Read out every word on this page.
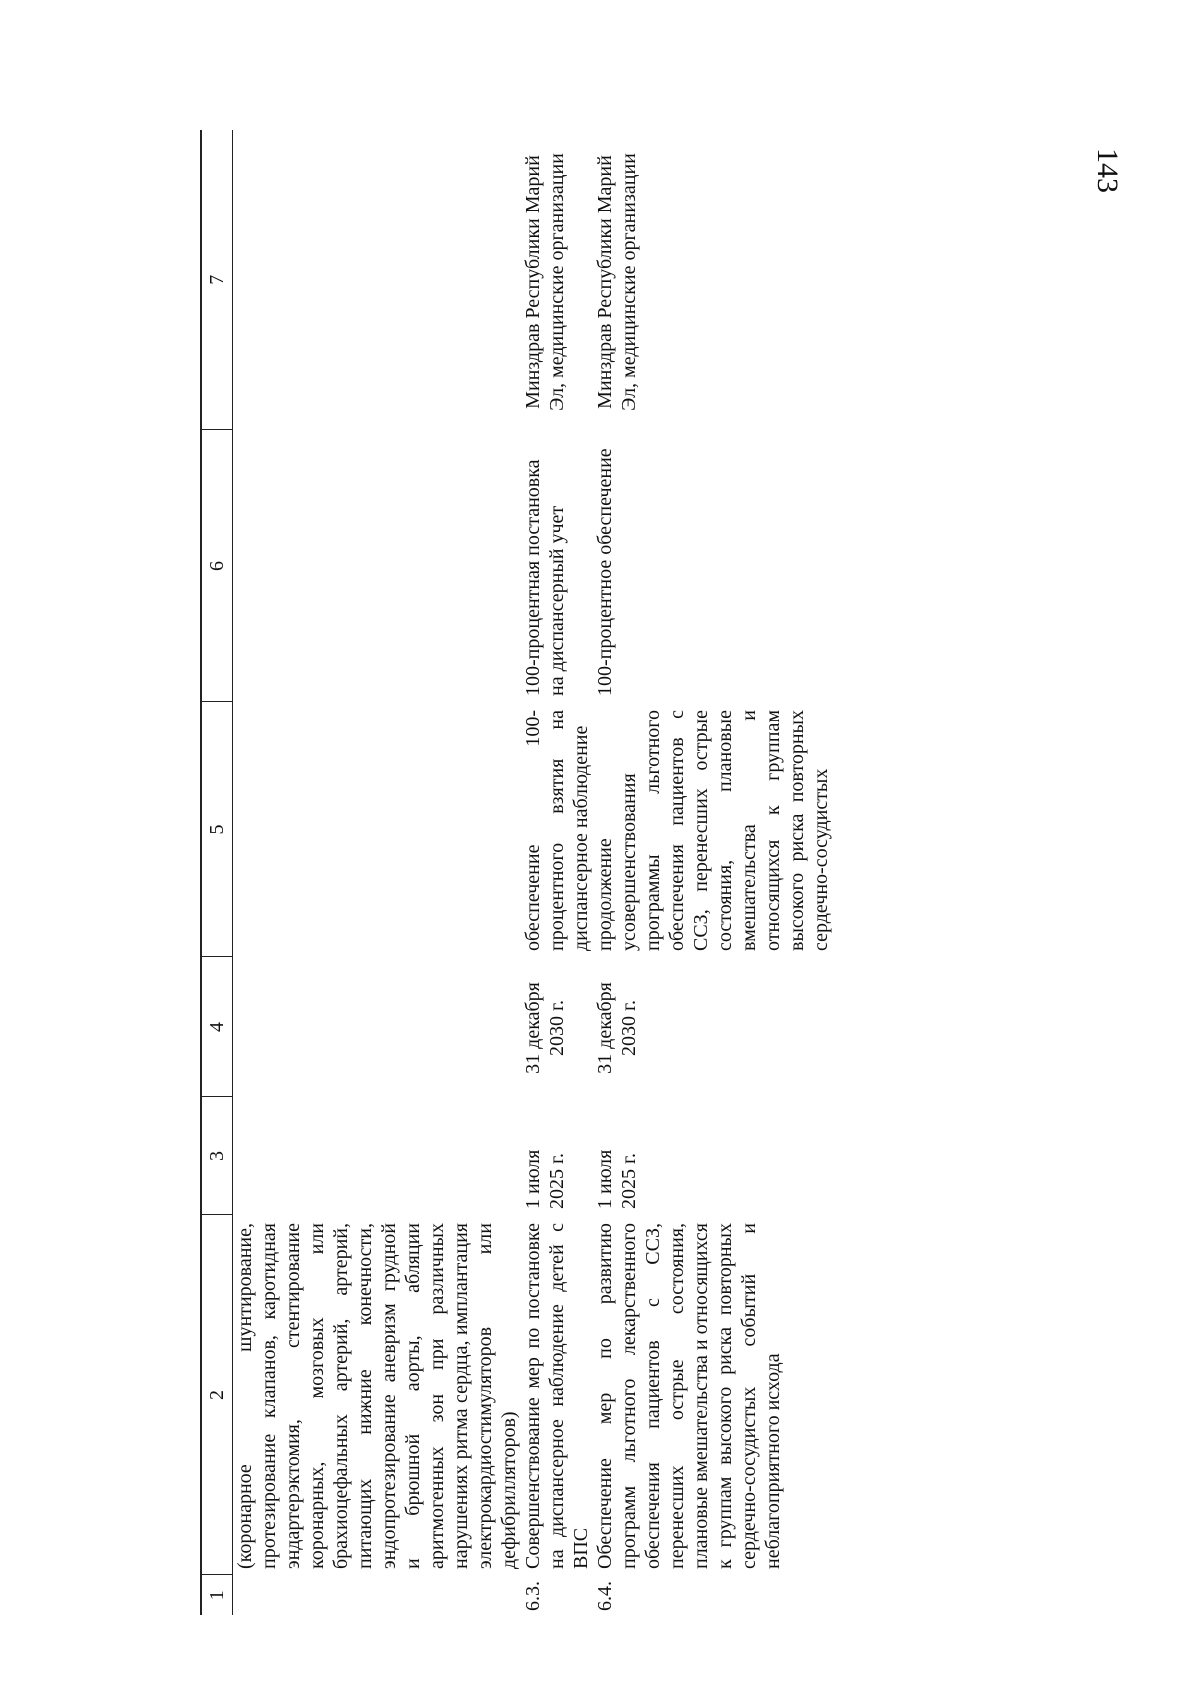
143
1	2	3	4	5	6	7
	(коронарное шунтирование, протезирование клапанов, каротидная эндартерэктомия, стентирование коронарных, мозговых или брахиоцефальных артерий, артерий, питающих нижние конечности, эндопротезирование аневризм грудной и брюшной аорты, абляции аритмогенных зон при различных нарушениях ритма сердца, имплантация электрокардиостимуляторов или дефибрилляторов)					
6.3.	Совершенствование мер по постановке на диспансерное наблюдение детей с ВПС	1 июля 2025 г.	31 декабря 2030 г.	обеспечение 100-процентного взятия на диспансерное наблюдение	100-процентная постановка на диспансерный учет	Минздрав Республики Марий Эл, медицинские организации
6.4.	Обеспечение мер по развитию программ льготного лекарственного обеспечения пациентов с ССЗ, перенесших острые состояния, плановые вмешательства и относящихся к группам высокого риска повторных сердечно-сосудистых событий и неблагоприятного исхода	1 июля 2025 г.	31 декабря 2030 г.	продолжение усовершенствования программы льготного обеспечения пациентов с ССЗ, перенесших острые состояния, плановые вмешательства и относящихся к группам высокого риска повторных сердечно-сосудистых	100-процентное обеспечение	Минздрав Республики Марий Эл, медицинские организации
